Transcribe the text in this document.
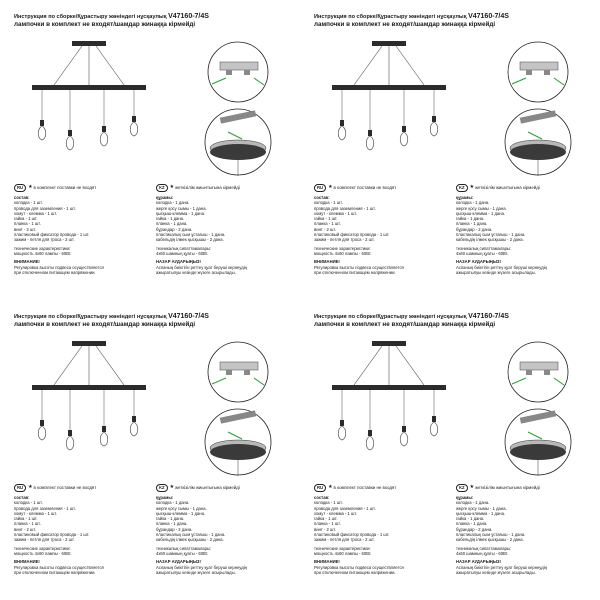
Инструкция по сборке/Құрастыру жөніндегі нұсқаулық V47160-7/4S
лампочки в комплект не входят/шамдар жинаққа кірмейді
RU ★в комплект поставки не входят	KZ ★жеткізілім жиынтығына кірмейді
состав:
колодка - 1 шт.
провода для заземления - 1 шт.
хомут - клемма - 1 шт.
гайка - 1 шт.
планка - 1 шт.
винт - 2 шт.
пластиковый фиксатор провода - 1 шт.
зажим - петля для троса - 2 шт.
технические характеристики:
мощность 4x60 лампы - 60Вт.
ВНИМАНИЕ!
Регулировка высоты подвеса осуществляется
при отключенном питающем напряжении.
құрамы:
колодка - 1 дана.
жерге қосу сымы - 1 дана.
қысқыш-клемма - 1 дана.
гайка - 1 дана.
планка - 1 дана.
бұрандар - 2 дана.
пластикалық сым ұстағыш - 1 дана.
кабельдің ілмек қысқышы - 2 дана.
техникалық сипаттамалары:
4x60 шамның қуаты - 60Вт.
НАЗАР АУДАРЫҢЫЗ!
Аспаның биіктігін реттеу қуат берушi кернеудің
ажыратылуы кезінде жүзеге асырылады.
Инструкция по сборке/Құрастыру жөніндегі нұсқаулық V47160-7/4S
лампочки в комплект не входят/шамдар жинаққа кірмейді
RU ★в комплект поставки не входят	KZ ★жеткізілім жиынтығына кірмейді
состав:
колодка - 1 шт.
провода для заземления - 1 шт.
хомут - клемма - 1 шт.
гайка - 1 шт.
планка - 1 шт.
винт - 2 шт.
пластиковый фиксатор провода - 1 шт.
зажим - петля для троса - 2 шт.
технические характеристики:
мощность 4x60 лампы - 60Вт.
ВНИМАНИЕ!
Регулировка высоты подвеса осуществляется
при отключенном питающем напряжении.
құрамы:
колодка - 1 дана.
жерге қосу сымы - 1 дана.
қысқыш-клемма - 1 дана.
гайка - 1 дана.
планка - 1 дана.
бұрандар - 2 дана.
пластикалық сым ұстағыш - 1 дана.
кабельдің ілмек қысқышы - 2 дана.
техникалық сипаттамалары:
4x60 шамның қуаты - 60Вт.
НАЗАР АУДАРЫҢЫЗ!
Аспаның биіктігін реттеу қуат берушi кернеудің
ажыратылуы кезінде жүзеге асырылады.
Инструкция по сборке/Құрастыру жөніндегі нұсқаулық V47160-7/4S
лампочки в комплект не входят/шамдар жинаққа кірмейді
RU ★в комплект поставки не входят	KZ ★жеткізілім жиынтығына кірмейді
состав:
колодка - 1 шт.
провода для заземления - 1 шт.
хомут - клемма - 1 шт.
гайка - 1 шт.
планка - 1 шт.
винт - 2 шт.
пластиковый фиксатор провода - 1 шт.
зажим - петля для троса - 2 шт.
технические характеристики:
мощность 4x60 лампы - 60Вт.
ВНИМАНИЕ!
Регулировка высоты подвеса осуществляется
при отключенном питающем напряжении.
құрамы:
колодка - 1 дана.
жерге қосу сымы - 1 дана.
қысқыш-клемма - 1 дана.
гайка - 1 дана.
планка - 1 дана.
бұрандар - 2 дана.
пластикалық сым ұстағыш - 1 дана.
кабельдің ілмек қысқышы - 2 дана.
техникалық сипаттамалары:
4x60 шамның қуаты - 60Вт.
НАЗАР АУДАРЫҢЫЗ!
Аспаның биіктігін реттеу қуат берушi кернеудің
ажыратылуы кезінде жүзеге асырылады.
Инструкция по сборке/Құрастыру жөніндегі нұсқаулық V47160-7/4S
лампочки в комплект не входят/шамдар жинаққа кірмейді
RU ★в комплект поставки не входят	KZ ★жеткізілім жиынтығына кірмейді
состав:
колодка - 1 шт.
провода для заземления - 1 шт.
хомут - клемма - 1 шт.
гайка - 1 шт.
планка - 1 шт.
винт - 2 шт.
пластиковый фиксатор провода - 1 шт.
зажим - петля для троса - 2 шт.
технические характеристики:
мощность 4x60 лампы - 60Вт.
ВНИМАНИЕ!
Регулировка высоты подвеса осуществляется
при отключенном питающем напряжении.
құрамы:
колодка - 1 дана.
жерге қосу сымы - 1 дана.
қысқыш-клемма - 1 дана.
гайка - 1 дана.
планка - 1 дана.
бұрандар - 2 дана.
пластикалық сым ұстағыш - 1 дана.
кабельдің ілмек қысқышы - 2 дана.
техникалық сипаттамалары:
4x60 шамның қуаты - 60Вт.
НАЗАР АУДАРЫҢЫЗ!
Аспаның биіктігін реттеу қуат берушi кернеудің
ажыратылуы кезінде жүзеге асырылады.
